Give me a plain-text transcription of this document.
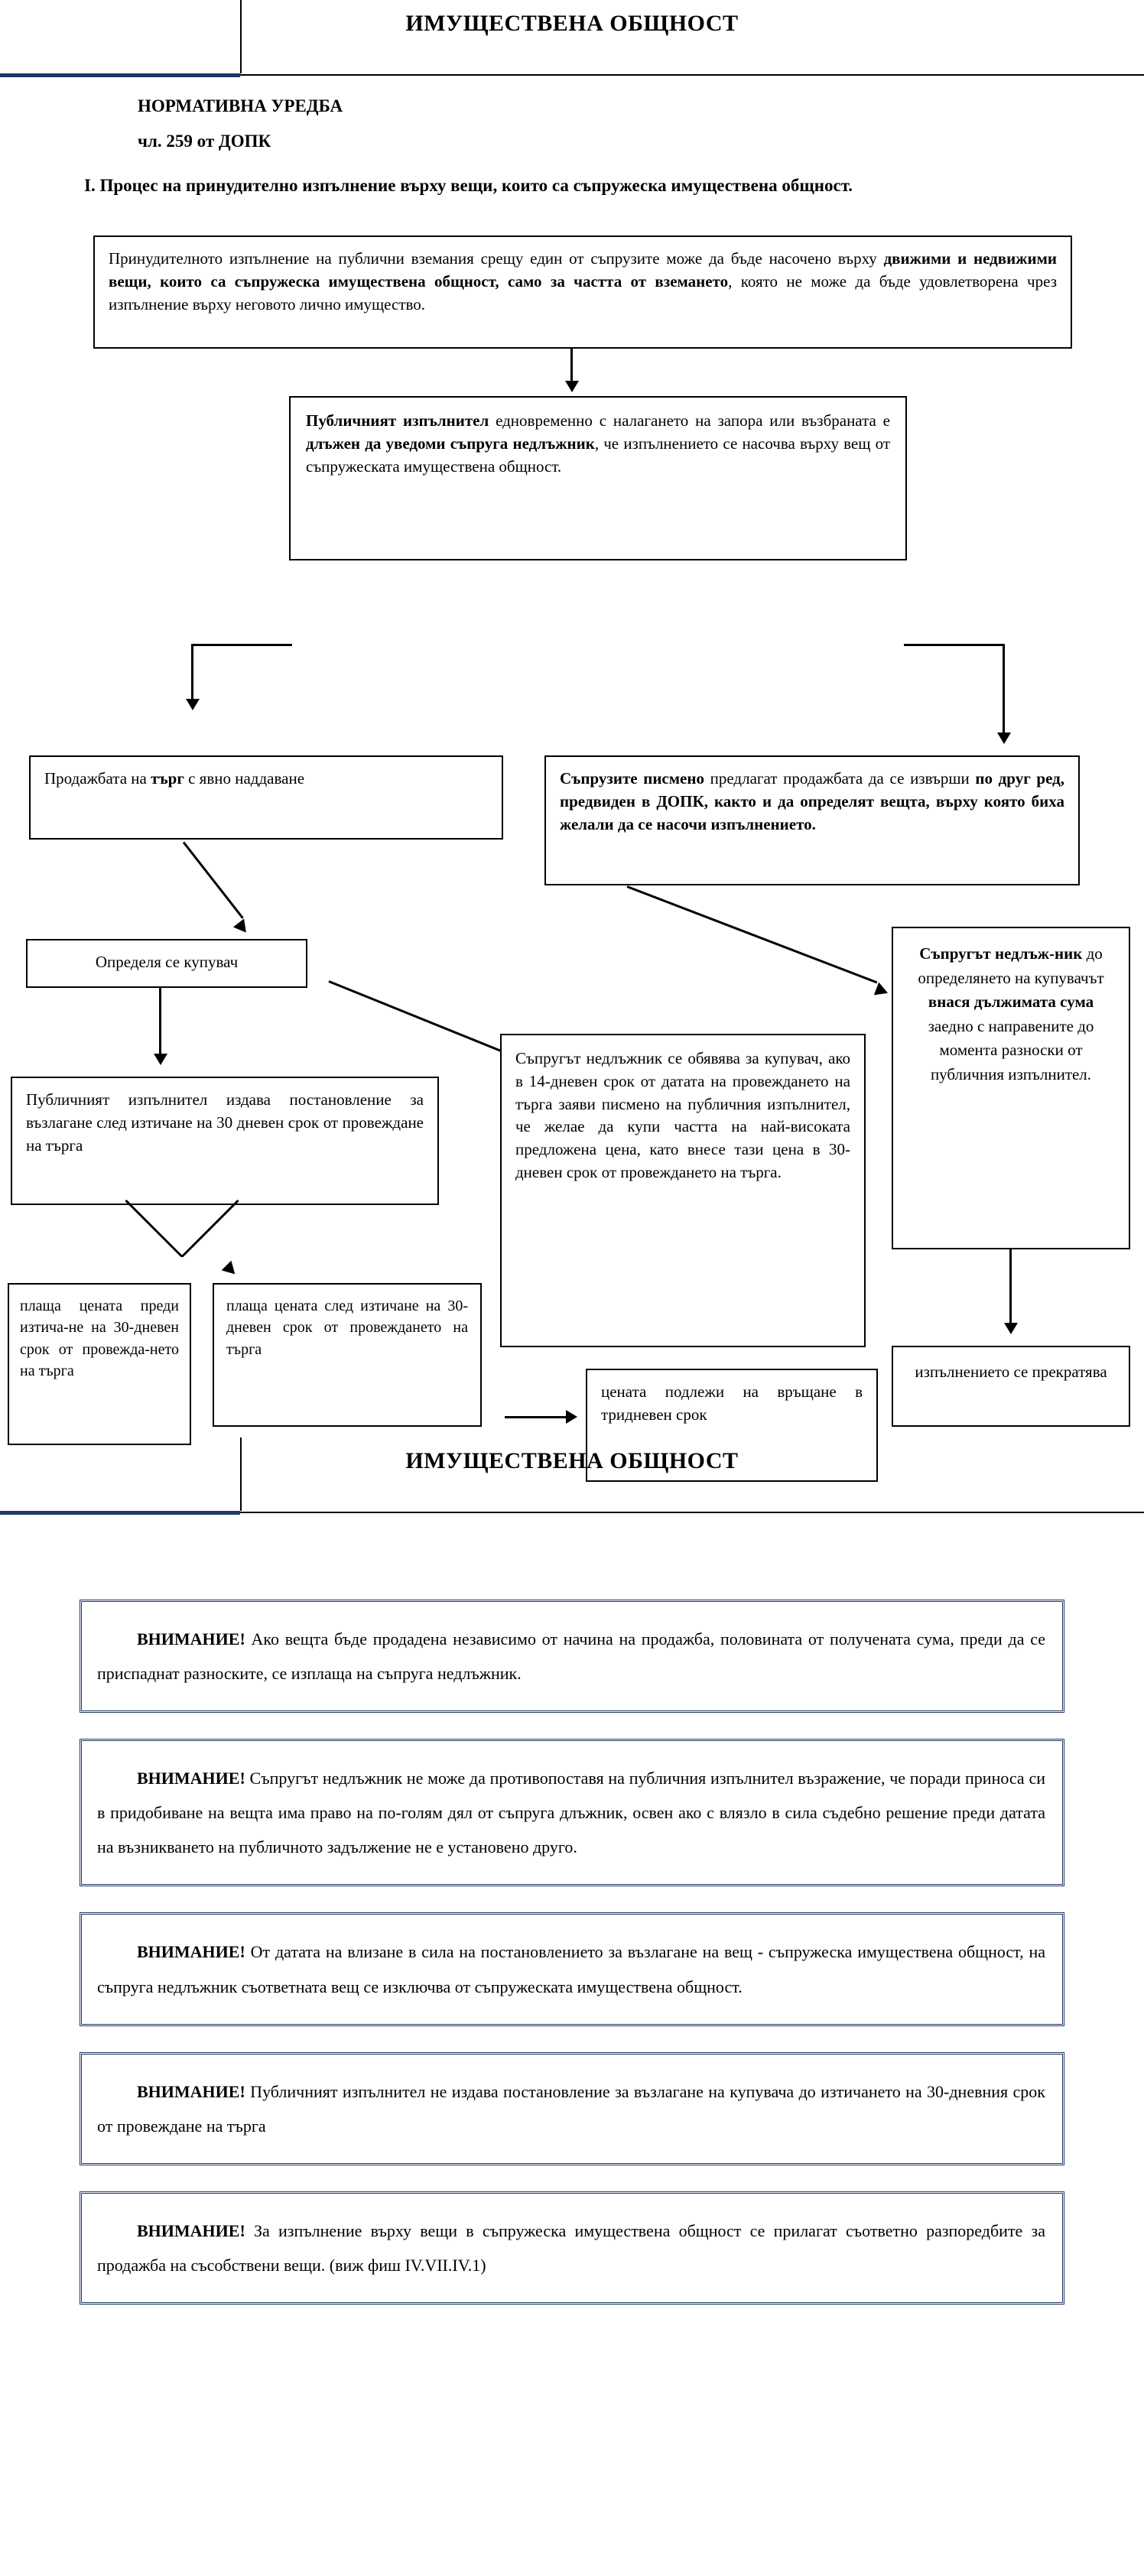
ИМУЩЕСТВЕНА ОБЩНОСТ
НОРМАТИВНА УРЕДБА
чл. 259 от ДОПК
I. Процес на принудително изпълнение върху вещи, които са съпружеска имуществена общност.
Принудителното изпълнение на публични вземания срещу един от съпрузите може да бъде насочено върху движими и недвижими вещи, които са съпружеска имуществена общност, само за частта от вземането, която не може да бъде удовлетворена чрез изпълнение върху неговото лично имущество.
Публичният изпълнител едновременно с налагането на запора или възбраната е длъжен да уведоми съпруга недлъжник, че изпълнението се насочва върху вещ от съпружеската имуществена общност.
Продажбата на търг с явно наддаване	Съпрузите писмено предлагат продажбата да се извърши по друг ред, предвиден в ДОПК, както и да определят вещта, върху която биха желали да се насочи изпълнението.
Определя се купувач
Публичният изпълнител издава постановление за възлагане след изтичане на 30 дневен срок от провеждане на търга
плаща цената преди изтича-не на 30-дневен срок от провежда-нето на търга
плаща цената след изтичане на 30-дневен срок от провеждането на търга
Съпругът недлъжник се обявява за купувач, ако в 14-дневен срок от датата на провеждането на търга заяви писмено на публичния изпълнител, че желае да купи частта на най-високата предложена цена, като внесе тази цена в 30-дневен срок от провеждането на търга.
цената подлежи на връщане в триднeвен срок
Съпругът недлъж-ник до определянето на купувачът внася дължимата сума заедно с направените до момента разноски от публичния изпълнител.
изпълнението се прекратява
ИМУЩЕСТВЕНА ОБЩНОСТ
ВНИМАНИЕ! Ако вещта бъде продадена независимо от начина на продажба, половината от получената сума, преди да се приспаднат разноските, се изплаща на съпруга недлъжник.
ВНИМАНИЕ! Съпругът недлъжник не може да противопоставя на публичния изпълнител възражение, че поради приноса си в придобиване на вещта има право на по-голям дял от съпруга длъжник, освен ако с влязло в сила съдебно решение преди датата на възникването на публичното задължение не е установено друго.
ВНИМАНИЕ! От датата на влизане в сила на постановлението за възлагане на вещ - съпружеска имуществена общност, на съпруга недлъжник съответната вещ се изключва от съпружеската имуществена общност.
ВНИМАНИЕ! Публичният изпълнител не издава постановление за възлагане на купувача до изтичането на 30-дневния срок от провеждане на търга
ВНИМАНИЕ! За изпълнение върху вещи в съпружеска имуществена общност се прилагат съответно разпоредбите за продажба на съсобствени вещи. (виж фиш IV.VII.IV.1)
